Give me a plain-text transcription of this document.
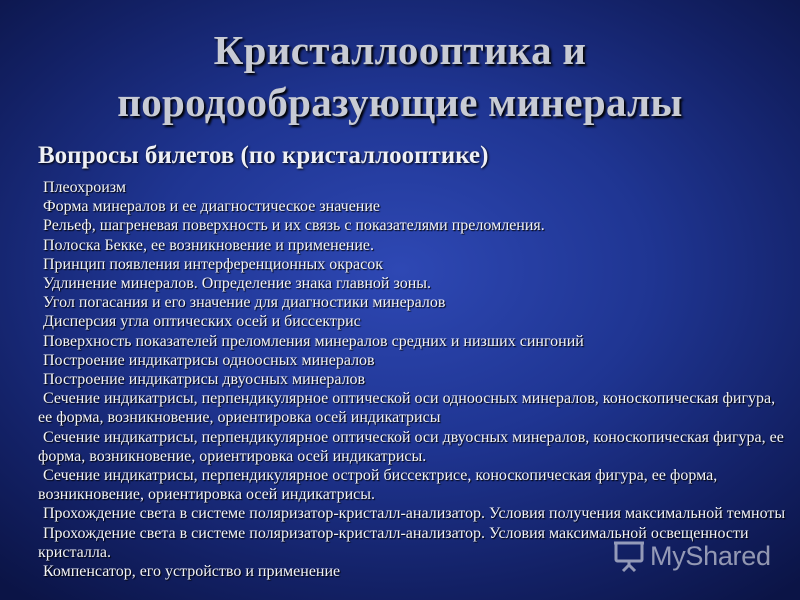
Кристаллооптика и
породообразующие минералы
Вопросы билетов (по кристаллооптике)
Плеохроизм
Форма минералов и ее диагностическое значение
Рельеф, шагреневая поверхность и их связь с показателями преломления.
Полоска Бекке, ее возникновение и применение.
Принцип появления интерференционных окрасок
Удлинение минералов. Определение знака главной зоны.
Угол погасания и его значение для диагностики минералов
Дисперсия угла оптических осей и биссектрис
Поверхность показателей преломления минералов средних и низших сингоний
Построение индикатрисы одноосных минералов
Построение индикатрисы двуосных минералов
Сечение индикатрисы, перпендикулярное оптической оси одноосных минералов, коноскопическая фигура, ее форма, возникновение, ориентировка осей индикатрисы
Сечение индикатрисы, перпендикулярное оптической оси двуосных минералов, коноскопическая фигура, ее форма, возникновение, ориентировка осей индикатрисы.
Сечение индикатрисы, перпендикулярное острой биссектрисе, коноскопическая фигура, ее форма, возникновение, ориентировка осей индикатрисы.
Прохождение света в системе поляризатор-кристалл-анализатор. Условия получения максимальной темноты
Прохождение света в системе поляризатор-кристалл-анализатор. Условия максимальной освещенности кристалла.
Компенсатор, его устройство и применение
MyShared
